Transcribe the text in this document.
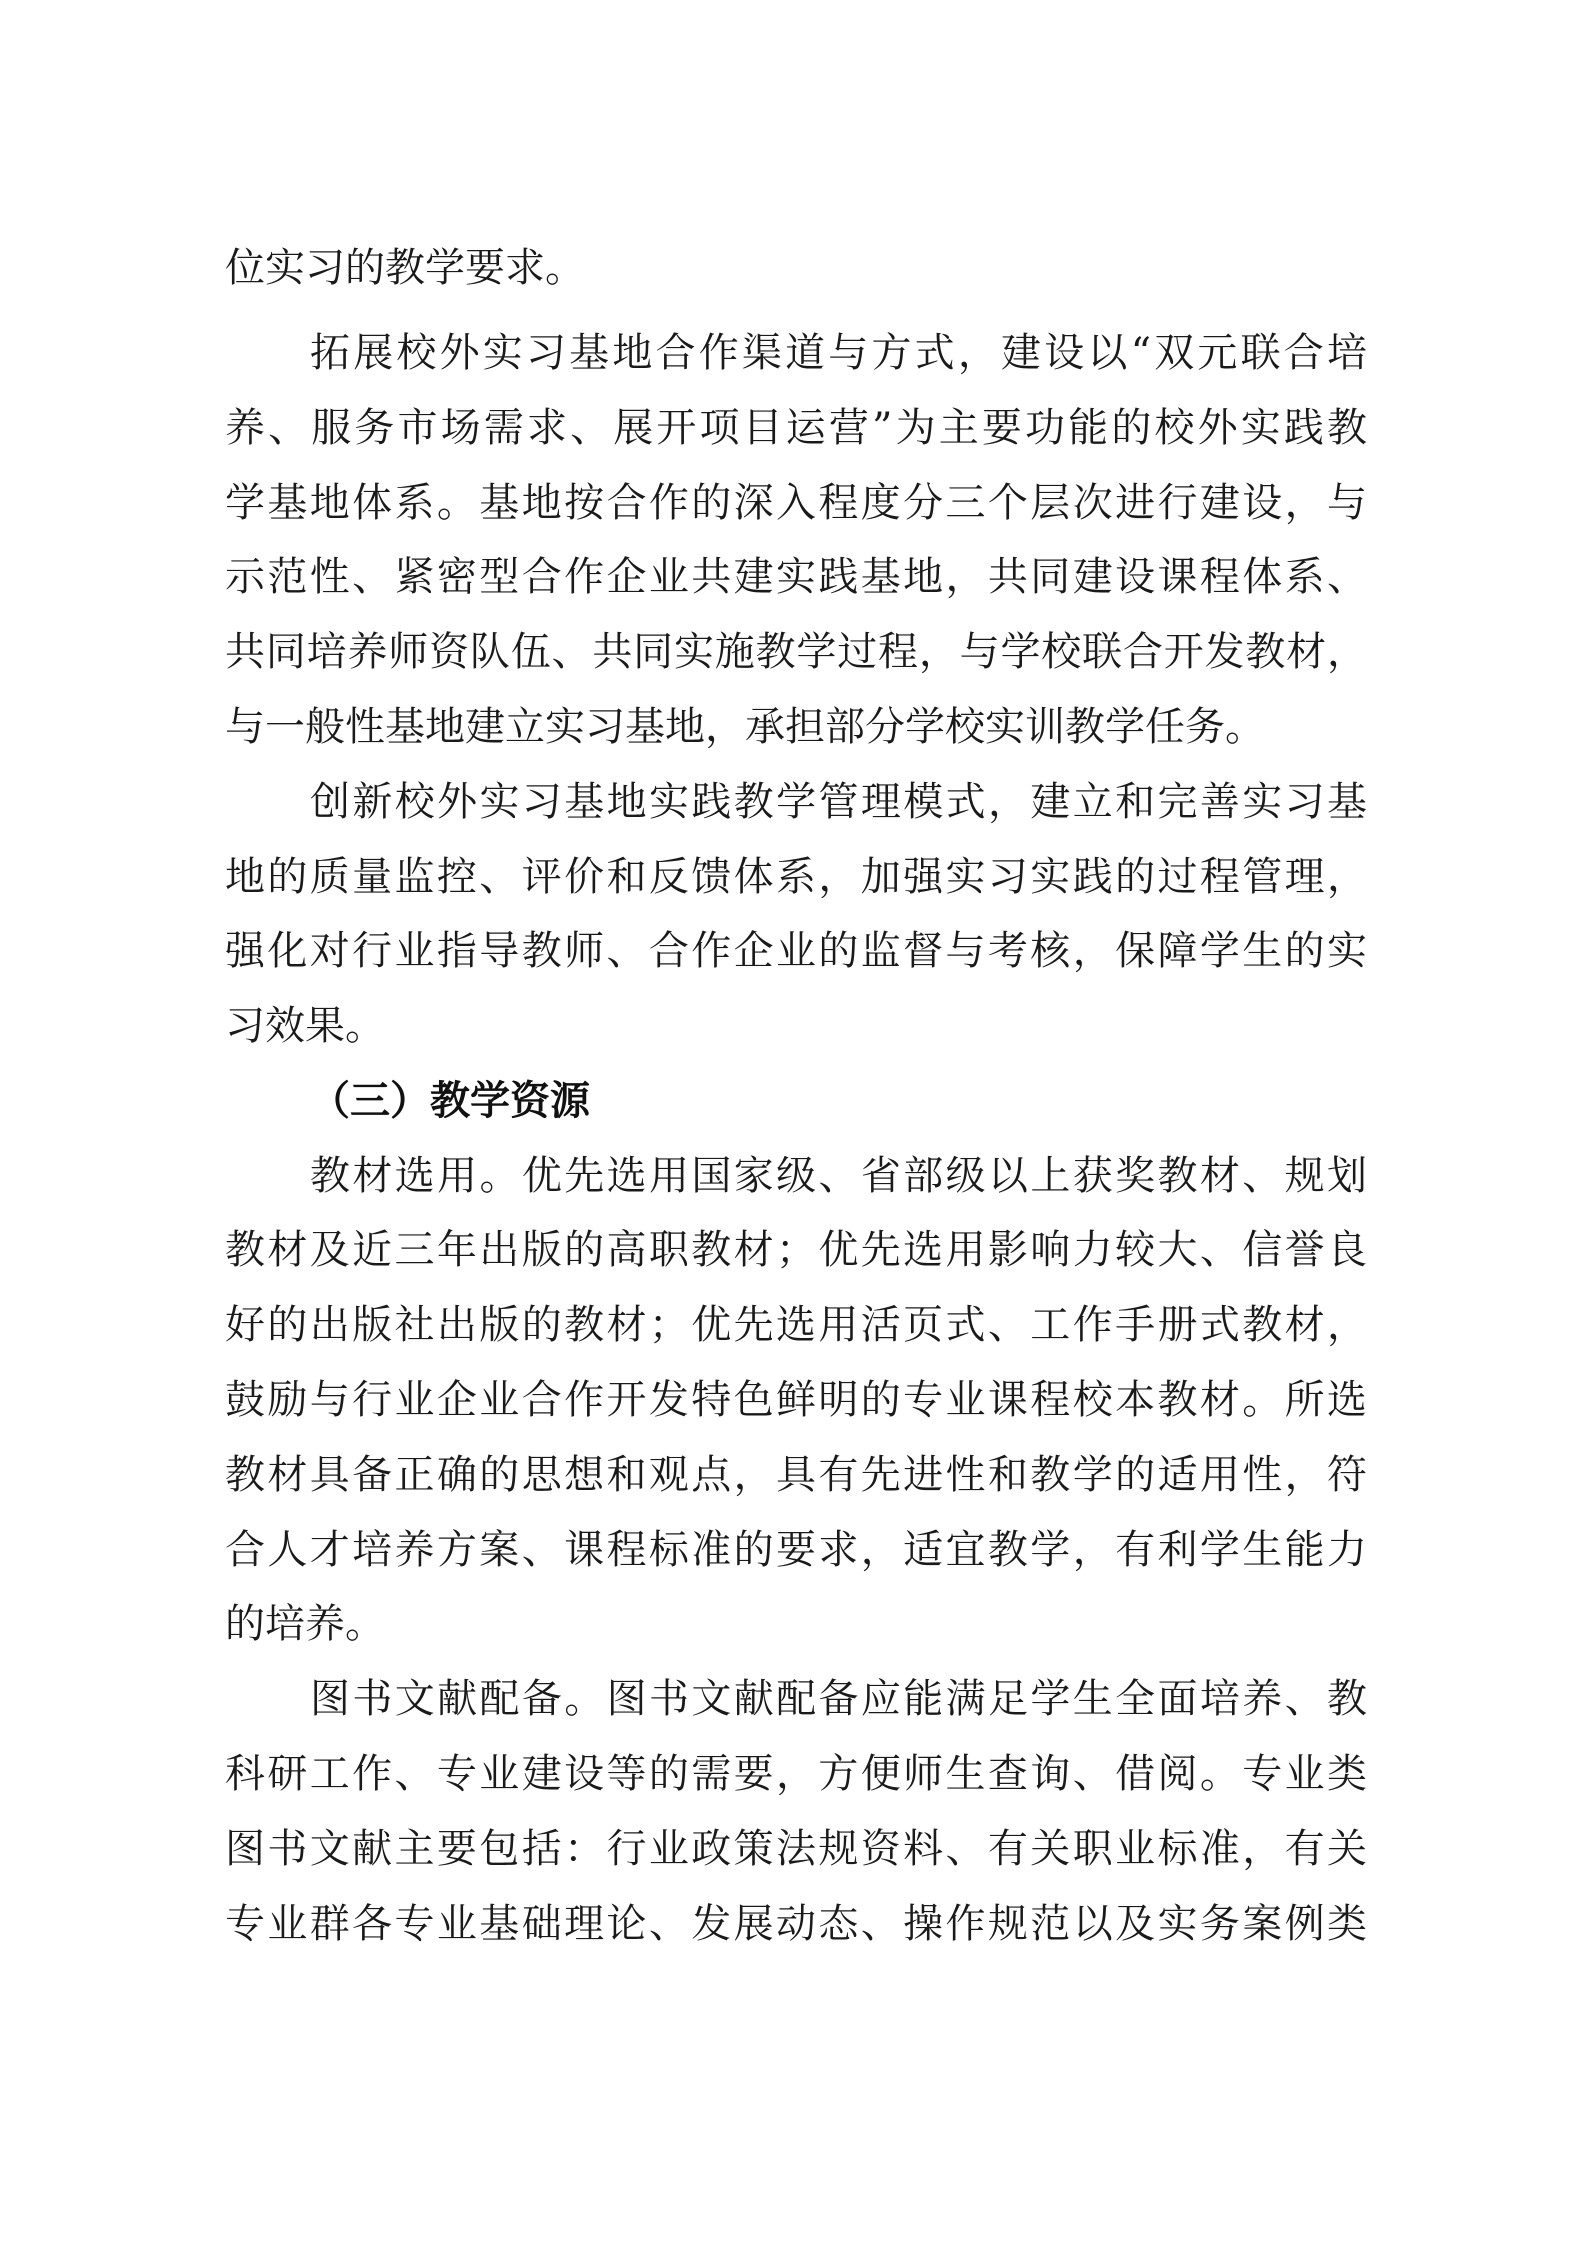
位实习的教学要求。
拓展校外实习基地合作渠道与方式，建设以“双元联合培
养、服务市场需求、展开项目运营”为主要功能的校外实践教
学基地体系。基地按合作的深入程度分三个层次进行建设，与
示范性、紧密型合作企业共建实践基地，共同建设课程体系、
共同培养师资队伍、共同实施教学过程，与学校联合开发教材，
与一般性基地建立实习基地，承担部分学校实训教学任务。
创新校外实习基地实践教学管理模式，建立和完善实习基
地的质量监控、评价和反馈体系，加强实习实践的过程管理，
强化对行业指导教师、合作企业的监督与考核，保障学生的实
习效果。
（三）教学资源
教材选用。优先选用国家级、省部级以上获奖教材、规划
教材及近三年出版的高职教材；优先选用影响力较大、信誉良
好的出版社出版的教材；优先选用活页式、工作手册式教材，
鼓励与行业企业合作开发特色鲜明的专业课程校本教材。所选
教材具备正确的思想和观点，具有先进性和教学的适用性，符
合人才培养方案、课程标准的要求，适宜教学，有利学生能力
的培养。
图书文献配备。图书文献配备应能满足学生全面培养、教
科研工作、专业建设等的需要，方便师生查询、借阅。专业类
图书文献主要包括：行业政策法规资料、有关职业标准，有关
专业群各专业基础理论、发展动态、操作规范以及实务案例类
